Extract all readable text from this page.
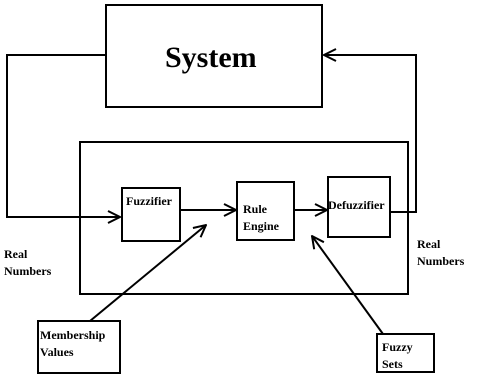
System
Fuzzifier
Rule
Engine
Defuzzifier
Real
Numbers
Real
Numbers
Membership
Values	Fuzzy
Sets
